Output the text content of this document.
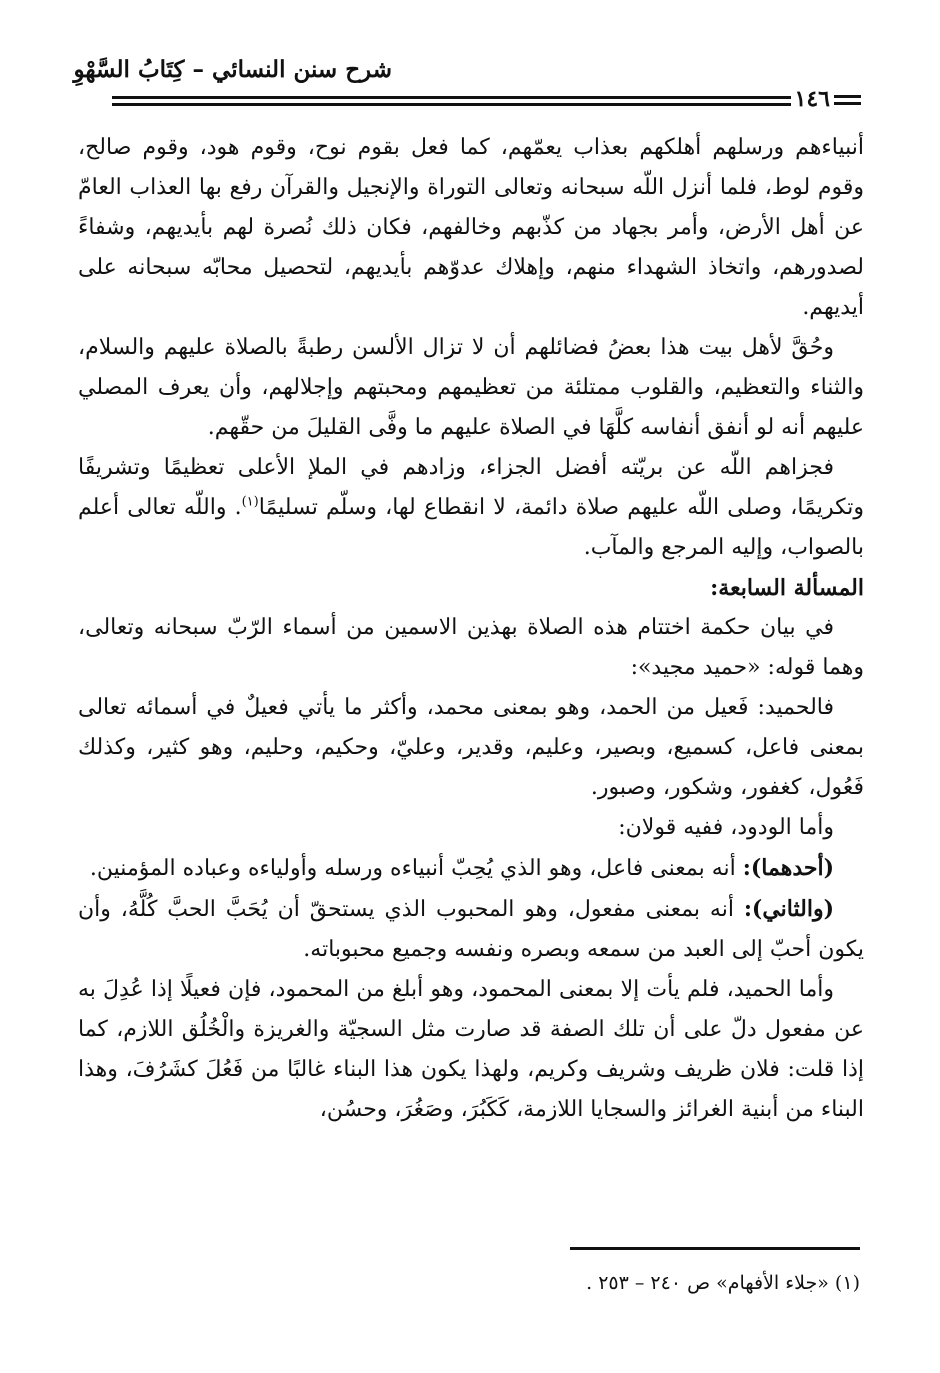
شرح سنن النسائي – كِتَابُ السَّهْوِ
١٤٦

أنبياءهم ورسلهم أهلكهم بعذاب يعمّهم، كما فعل بقوم نوح، وقوم هود، وقوم صالح، وقوم لوط، فلما أنزل اللّه سبحانه وتعالى التوراة والإنجيل والقرآن رفع بها العذاب العامّ عن أهل الأرض، وأمر بجهاد من كذّبهم وخالفهم، فكان ذلك نُصرة لهم بأيديهم، وشفاءً لصدورهم، واتخاذ الشهداء منهم، وإهلاك عدوّهم بأيديهم، لتحصيل محابّه سبحانه على أيديهم.

وحُقَّ لأهل بيت هذا بعضُ فضائلهم أن لا تزال الألسن رطبةً بالصلاة عليهم والسلام، والثناء والتعظيم، والقلوب ممتلئة من تعظيمهم ومحبتهم وإجلالهم، وأن يعرف المصلي عليهم أنه لو أنفق أنفاسه كلَّهَا في الصلاة عليهم ما وفَّى القليلَ من حقّهم.

فجزاهم اللّه عن بريّته أفضل الجزاء، وزادهم في الملإ الأعلى تعظيمًا وتشريفًا وتكريمًا، وصلى اللّه عليهم صلاة دائمة، لا انقطاع لها، وسلّم تسليمًا$^{(١)}$. واللّه تعالى أعلم بالصواب، وإليه المرجع والمآب.

المسألة السابعة:

في بيان حكمة اختتام هذه الصلاة بهذين الاسمين من أسماء الرّبّ سبحانه وتعالى، وهما قوله: «حميد مجيد»:

فالحميد: فَعيل من الحمد، وهو بمعنى محمد، وأكثر ما يأتي فعيلٌ في أسمائه تعالى بمعنى فاعل، كسميع، وبصير، وعليم، وقدير، وعليّ، وحكيم، وحليم، وهو كثير، وكذلك فَعُول، كغفور، وشكور، وصبور.

وأما الودود، ففيه قولان:

(أحدهما): أنه بمعنى فاعل، وهو الذي يُحِبّ أنبياءه ورسله وأولياءه وعباده المؤمنين.

(والثاني): أنه بمعنى مفعول، وهو المحبوب الذي يستحقّ أن يُحَبَّ الحبَّ كُلَّهُ، وأن يكون أحبّ إلى العبد من سمعه وبصره ونفسه وجميع محبوباته.

وأما الحميد، فلم يأت إلا بمعنى المحمود، وهو أبلغ من المحمود، فإن فعيلًا إذا عُدِلَ به عن مفعول دلّ على أن تلك الصفة قد صارت مثل السجيّة والغريزة والْخُلُق اللازم، كما إذا قلت: فلان ظريف وشريف وكريم، ولهذا يكون هذا البناء غالبًا من فَعُلَ كشَرُفَ، وهذا البناء من أبنية الغرائز والسجايا اللازمة، كَكَبُرَ، وصَغُرَ، وحسُن،

(١) «جلاء الأفهام» ص ٢٤٠ – ٢٥٣ .
